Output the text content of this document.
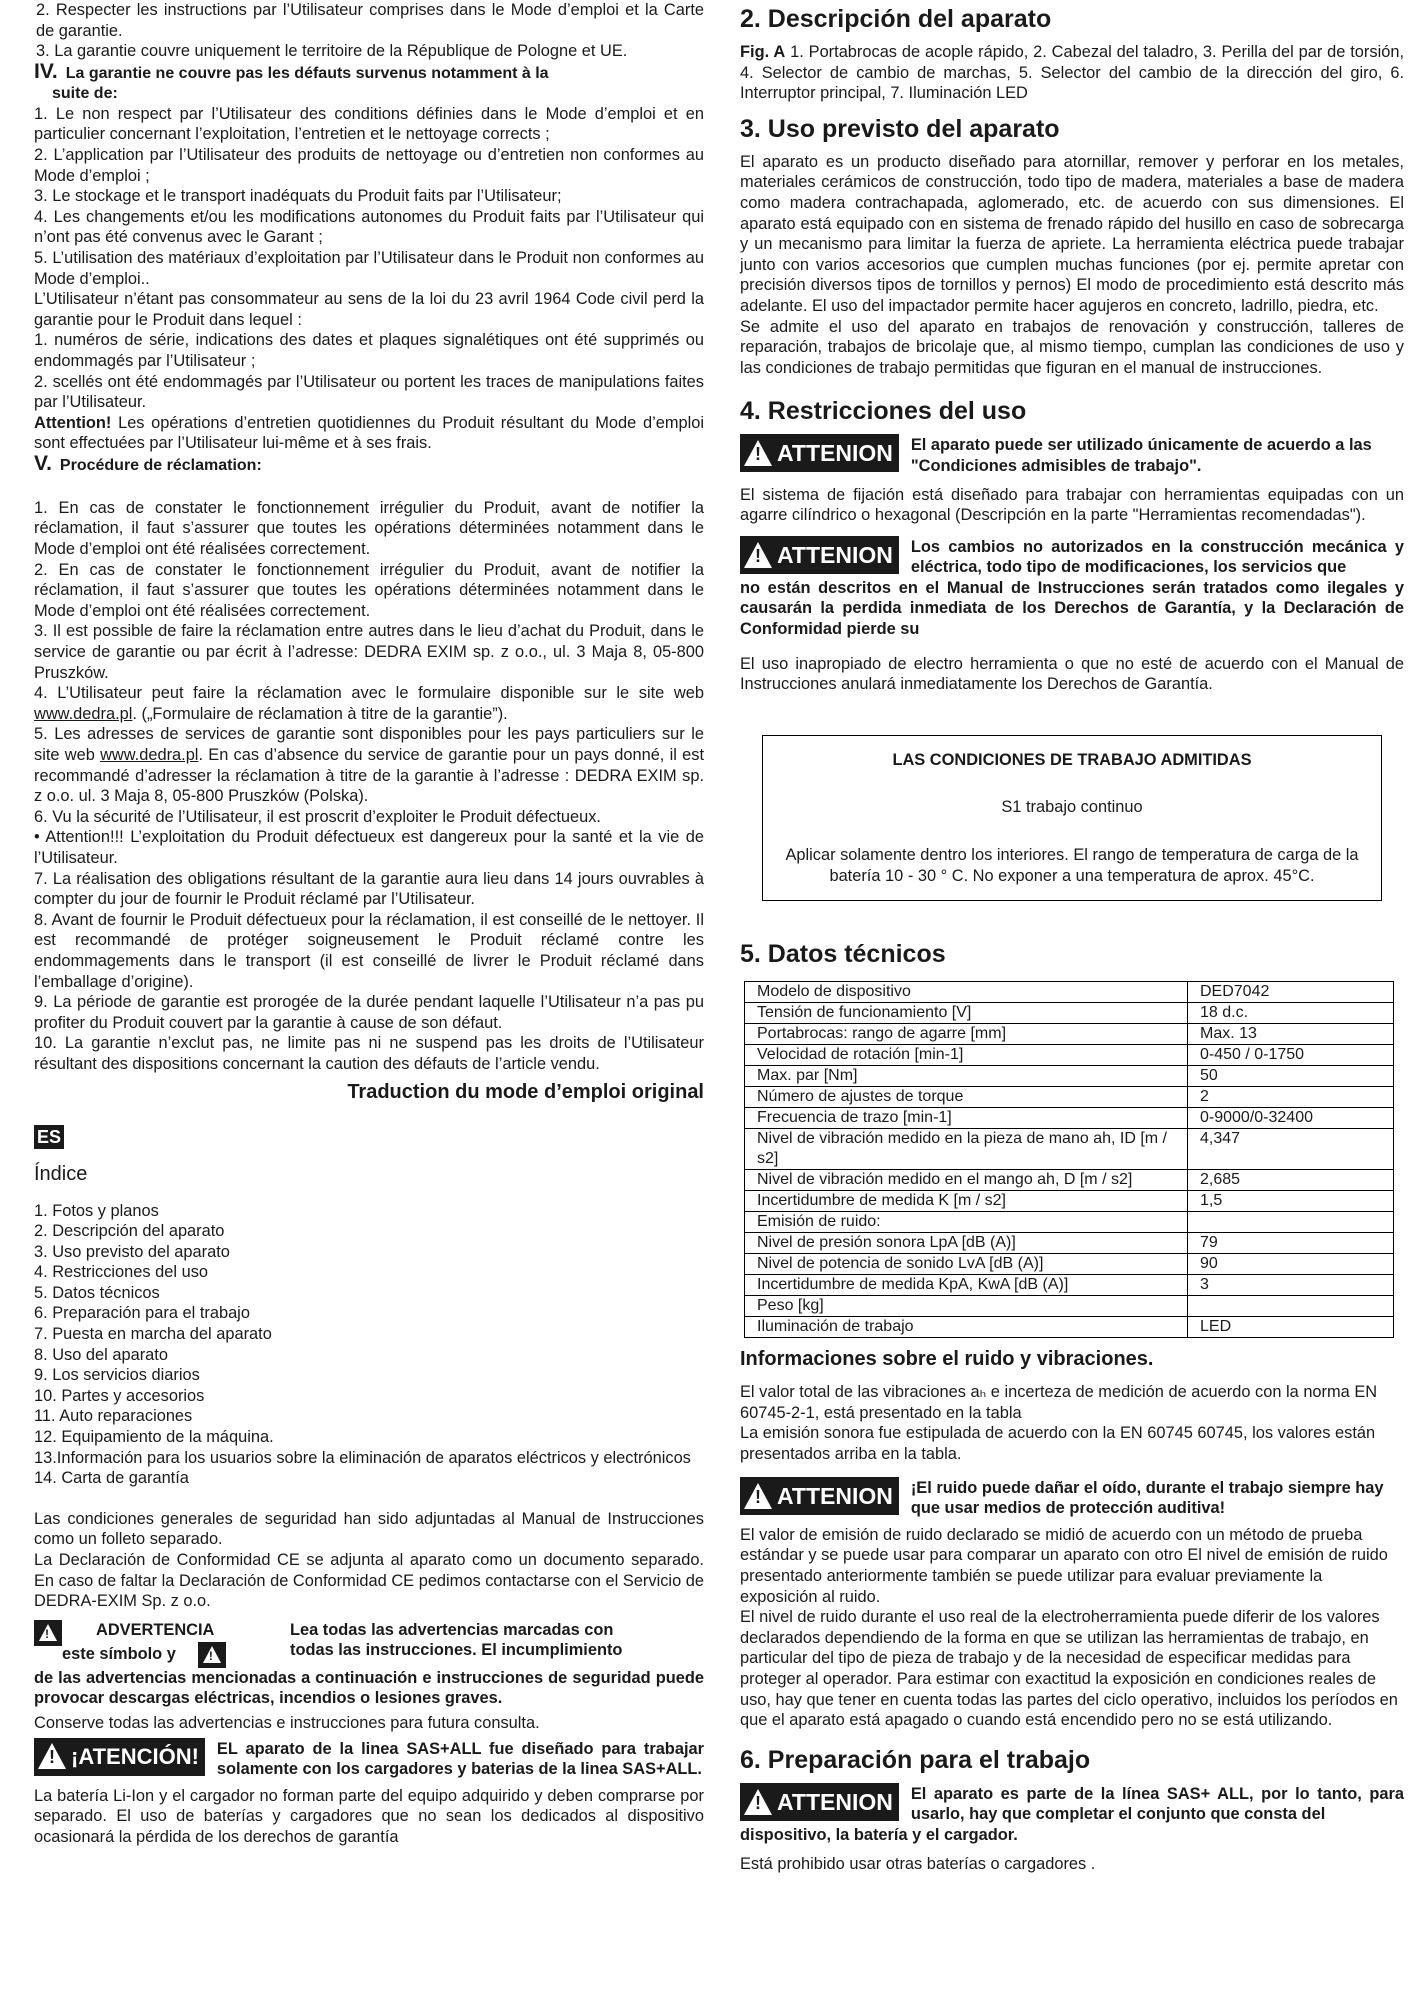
2. Respecter les instructions par l’Utilisateur comprises dans le Mode d’emploi et la Carte de garantie.

3. La garantie couvre uniquement le territoire de la République de Pologne et UE.

IV. La garantie ne couvre pas les défauts survenus notamment à la

suite de:

1. Le non respect par l’Utilisateur des conditions définies dans le Mode d’emploi et en particulier concernant l’exploitation, l’entretien et le nettoyage corrects ;

2. L’application par l’Utilisateur des produits de nettoyage ou d’entretien non conformes au Mode d’emploi ;

3. Le stockage et le transport inadéquats du Produit faits par l’Utilisateur;

4. Les changements et/ou les modifications autonomes du Produit faits par l’Utilisateur qui n’ont pas été convenus avec le Garant ;

5. L’utilisation des matériaux d’exploitation par l’Utilisateur dans le Produit non conformes au Mode d’emploi..

L’Utilisateur n’étant pas consommateur au sens de la loi du 23 avril 1964 Code civil perd la garantie pour le Produit dans lequel :

1. numéros de série, indications des dates et plaques signalétiques ont été supprimés ou endommagés par l’Utilisateur ;

2. scellés ont été endommagés par l’Utilisateur ou portent les traces de manipulations faites par l’Utilisateur.

Attention! Les opérations d’entretien quotidiennes du Produit résultant du Mode d’emploi sont effectuées par l’Utilisateur lui-même et à ses frais.

V. Procédure de réclamation:

1. En cas de constater le fonctionnement irrégulier du Produit, avant de notifier la réclamation, il faut s’assurer que toutes les opérations déterminées notamment dans le Mode d’emploi ont été réalisées correctement.

2. En cas de constater le fonctionnement irrégulier du Produit, avant de notifier la réclamation, il faut s’assurer que toutes les opérations déterminées notamment dans le Mode d’emploi ont été réalisées correctement.

3. Il est possible de faire la réclamation entre autres dans le lieu d’achat du Produit, dans le service de garantie ou par écrit à l’adresse: DEDRA EXIM sp. z o.o., ul. 3 Maja 8, 05-800 Pruszków.

4. L’Utilisateur peut faire la réclamation avec le formulaire disponible sur le site web www.dedra.pl. („Formulaire de réclamation à titre de la garantie”).

5. Les adresses de services de garantie sont disponibles pour les pays particuliers sur le site web www.dedra.pl. En cas d’absence du service de garantie pour un pays donné, il est recommandé d’adresser la réclamation à titre de la garantie à l’adresse : DEDRA EXIM sp. z o.o. ul. 3 Maja 8, 05-800 Pruszków (Polska).

6. Vu la sécurité de l’Utilisateur, il est proscrit d’exploiter le Produit défectueux.

• Attention!!! L’exploitation du Produit défectueux est dangereux pour la santé et la vie de l’Utilisateur.

7. La réalisation des obligations résultant de la garantie aura lieu dans 14 jours ouvrables à compter du jour de fournir le Produit réclamé par l’Utilisateur.

8. Avant de fournir le Produit défectueux pour la réclamation, il est conseillé de le nettoyer. Il est recommandé de protéger soigneusement le Produit réclamé contre les endommagements dans le transport (il est conseillé de livrer le Produit réclamé dans l’emballage d’origine).

9. La période de garantie est prorogée de la durée pendant laquelle l’Utilisateur n’a pas pu profiter du Produit couvert par la garantie à cause de son défaut.

10. La garantie n’exclut pas, ne limite pas ni ne suspend pas les droits de l’Utilisateur résultant des dispositions concernant la caution des défauts de l’article vendu.

Traduction du mode d’emploi original

ES

Índice

1. Fotos y planos

2. Descripción del aparato

3. Uso previsto del aparato

4. Restricciones del uso

5. Datos técnicos

6. Preparación para el trabajo

7. Puesta en marcha del aparato

8. Uso del aparato

9. Los servicios diarios

10. Partes y accesorios

11. Auto reparaciones

12. Equipamiento de la máquina.

13.Información para los usuarios sobre la eliminación de aparatos eléctricos y electrónicos

14. Carta de garantía

Las condiciones generales de seguridad han sido adjuntadas al Manual de Instrucciones como un folleto separado.

La Declaración de Conformidad CE se adjunta al aparato como un documento separado. En caso de faltar la Declaración de Conformidad CE pedimos contactarse con el Servicio de DEDRA-EXIM Sp. z o.o.

!
ADVERTENCIA
este símbolo y
!

Lea todas las advertencias marcadas con

todas las instrucciones. El incumplimiento

de las advertencias mencionadas a continuación e instrucciones de seguridad puede provocar descargas eléctricas, incendios o lesiones graves.

Conserve todas las advertencias e instrucciones para futura consulta.

!¡ATENCIÓN!	EL aparato de la linea SAS+ALL fue diseñado para trabajar solamente con los cargadores y baterias de la linea SAS+ALL.

La batería Li-Ion y el cargador no forman parte del equipo adquirido y deben comprarse por separado. El uso de baterías y cargadores que no sean los dedicados al dispositivo ocasionará la pérdida de los derechos de garantía

2. Descripción del aparato

Fig. A 1. Portabrocas de acople rápido, 2. Cabezal del taladro, 3. Perilla del par de torsión, 4. Selector de cambio de marchas, 5. Selector del cambio de la dirección del giro, 6. Interruptor principal, 7. Iluminación LED

3. Uso previsto del aparato

El aparato es un producto diseñado para atornillar, remover y perforar en los metales, materiales cerámicos de construcción, todo tipo de madera, materiales a base de madera como madera contrachapada, aglomerado, etc. de acuerdo con sus dimensiones. El aparato está equipado con en sistema de frenado rápido del husillo en caso de sobrecarga y un mecanismo para limitar la fuerza de apriete. La herramienta eléctrica puede trabajar junto con varios accesorios que cumplen muchas funciones (por ej. permite apretar con precisión diversos tipos de tornillos y pernos) El modo de procedimiento está descrito más adelante. El uso del impactador permite hacer agujeros en concreto, ladrillo, piedra, etc.

Se admite el uso del aparato en trabajos de renovación y construcción, talleres de reparación, trabajos de bricolaje que, al mismo tiempo, cumplan las condiciones de uso y las condiciones de trabajo permitidas que figuran en el manual de instrucciones.

4. Restricciones del uso

!ATTENION	El aparato puede ser utilizado únicamente de acuerdo a las "Condiciones admisibles de trabajo".

El sistema de fijación está diseñado para trabajar con herramientas equipadas con un agarre cilíndrico o hexagonal (Descripción en la parte "Herramientas recomendadas").

!ATTENION	Los cambios no autorizados en la construcción mecánica y eléctrica, todo tipo de modificaciones, los servicios que

no están descritos en el Manual de Instrucciones serán tratados como ilegales y causarán la perdida inmediata de los Derechos de Garantía, y la Declaración de Conformidad pierde su

El uso inapropiado de electro herramienta o que no esté de acuerdo con el Manual de Instrucciones anulará inmediatamente los Derechos de Garantía.

LAS CONDICIONES DE TRABAJO ADMITIDAS

S1 trabajo continuo

Aplicar solamente dentro los interiores. El rango de temperatura de carga de la batería 10 - 30 ° C. No exponer a una temperatura de aprox. 45°C.

5. Datos técnicos

Modelo de dispositivo	DED7042
Tensión de funcionamiento [V]	18 d.c.
Portabrocas: rango de agarre [mm]	Max. 13
Velocidad de rotación [min-1]	0-450 / 0-1750
Max. par [Nm]	50
Número de ajustes de torque	2
Frecuencia de trazo [min-1]	0-9000/0-32400
Nivel de vibración medido en la pieza de mano ah, ID [m / s2]	4,347
Nivel de vibración medido en el mango ah, D [m / s2]	2,685
Incertidumbre de medida K [m / s2]	1,5
Emisión de ruido:	
Nivel de presión sonora LpA [dB (A)]	79
Nivel de potencia de sonido LvA [dB (A)]	90
Incertidumbre de medida KpA, KwA [dB (A)]	3
Peso [kg]	
Iluminación de trabajo	LED

Informaciones sobre el ruido y vibraciones.

El valor total de las vibraciones aₕ e incerteza de medición de acuerdo con la norma EN 60745-2-1, está presentado en la tabla

La emisión sonora fue estipulada de acuerdo con la EN 60745 60745, los valores están presentados arriba en la tabla.

!ATTENION	¡El ruido puede dañar el oído, durante el trabajo siempre hay que usar medios de protección auditiva!

El valor de emisión de ruido declarado se midió de acuerdo con un método de prueba estándar y se puede usar para comparar un aparato con otro El nivel de emisión de ruido presentado anteriormente también se puede utilizar para evaluar previamente la exposición al ruido.

El nivel de ruido durante el uso real de la electroherramienta puede diferir de los valores declarados dependiendo de la forma en que se utilizan las herramientas de trabajo, en particular del tipo de pieza de trabajo y de la necesidad de especificar medidas para proteger al operador. Para estimar con exactitud la exposición en condiciones reales de uso, hay que tener en cuenta todas las partes del ciclo operativo, incluidos los períodos en que el aparato está apagado o cuando está encendido pero no se está utilizando.

6. Preparación para el trabajo

!ATTENION	El aparato es parte de la línea SAS+ ALL, por lo tanto, para usarlo, hay que completar el conjunto que consta del

dispositivo, la batería y el cargador.

Está prohibido usar otras baterías o cargadores .
